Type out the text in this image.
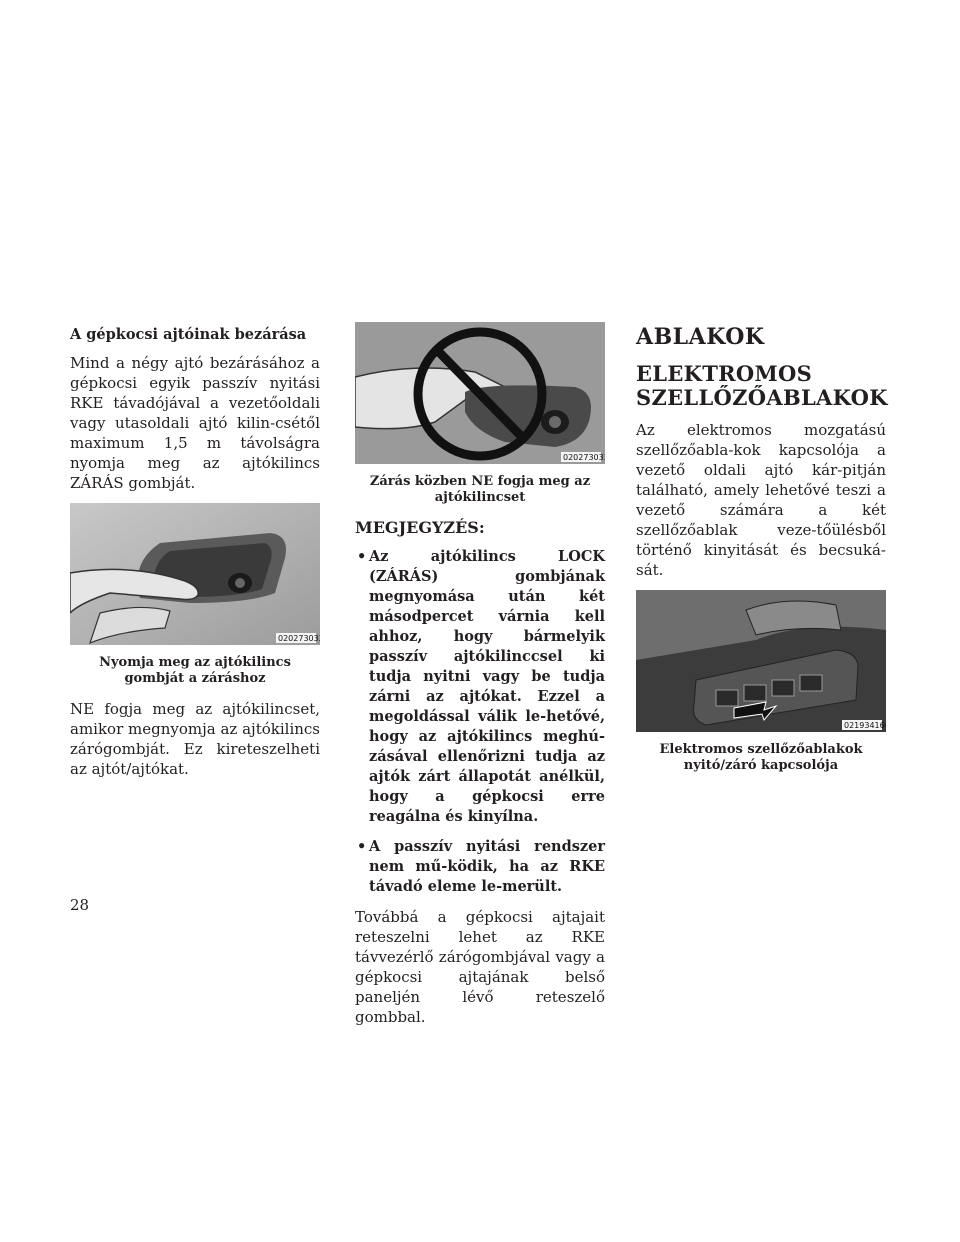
A gépkocsi ajtóinak bezárása

Mind a négy ajtó bezárásához a gépkocsi egyik passzív nyitási RKE távadójával a vezetőoldali vagy utasoldali ajtó kilin-csétől maximum 1,5 m távolságra nyomja meg az ajtókilincs ZÁRÁS gombját.

020273032
Nyomja meg az ajtókilincs gombját a záráshoz

NE fogja meg az ajtókilincset, amikor megnyomja az ajtókilincs zárógombját. Ez kireteszelheti az ajtót/ajtókat.

020273033
Zárás közben NE fogja meg az ajtókilincset
MEGJEGYZÉS:

• Az ajtókilincs LOCK (ZÁRÁS) gombjának megnyomása után két másodpercet várnia kell ahhoz, hogy bármelyik passzív ajtókilinccsel ki tudja nyitni vagy be tudja zárni az ajtókat. Ezzel a megoldással válik le-hetővé, hogy az ajtókilincs meghú-zásával ellenőrizni tudja az ajtók zárt állapotát anélkül, hogy a gépkocsi erre reagálna és kinyílna.

• A passzív nyitási rendszer nem mű-ködik, ha az RKE távadó eleme le-merült.

Továbbá a gépkocsi ajtajait reteszelni lehet az RKE távvezérlő zárógombjával vagy a gépkocsi ajtajának belső paneljén lévő reteszelő gombbal.

ABLAKOK
ELEKTROMOS SZELLŐZŐABLAKOK

Az elektromos mozgatású szellőzőabla-kok kapcsolója a vezető oldali ajtó kár-pitján található, amely lehetővé teszi a vezető számára a két szellőzőablak veze-tőülésből történő kinyitását és becsuká-sát.

021934166
Elektromos szellőzőablakok nyitó/záró kapcsolója
28
